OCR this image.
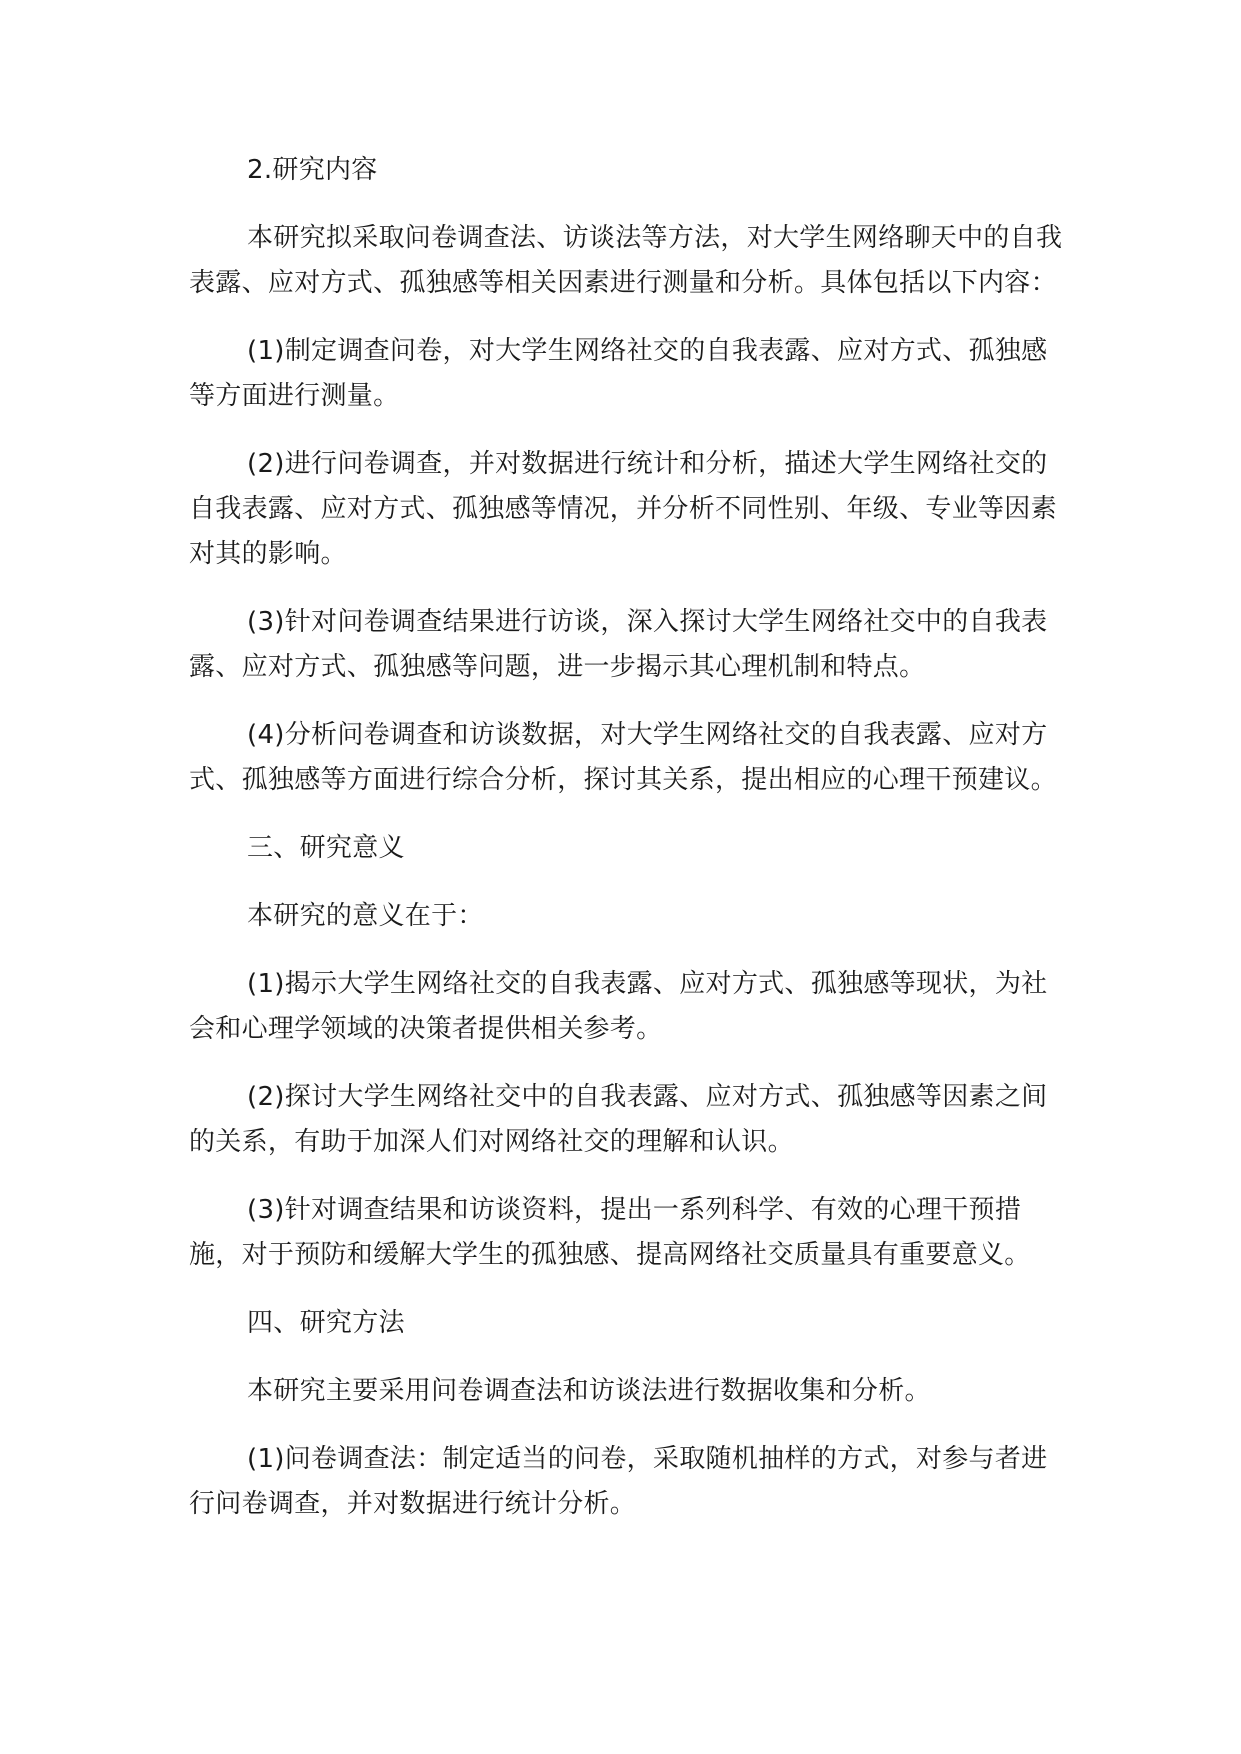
2.研究内容

本研究拟采取问卷调查法、访谈法等方法，对大学生网络聊天中的自我表露、应对方式、孤独感等相关因素进行测量和分析。具体包括以下内容：

(1)制定调查问卷，对大学生网络社交的自我表露、应对方式、孤独感等方面进行测量。

(2)进行问卷调查，并对数据进行统计和分析，描述大学生网络社交的自我表露、应对方式、孤独感等情况，并分析不同性别、年级、专业等因素对其的影响。

(3)针对问卷调查结果进行访谈，深入探讨大学生网络社交中的自我表露、应对方式、孤独感等问题，进一步揭示其心理机制和特点。

(4)分析问卷调查和访谈数据，对大学生网络社交的自我表露、应对方式、孤独感等方面进行综合分析，探讨其关系，提出相应的心理干预建议。

三、研究意义

本研究的意义在于：

(1)揭示大学生网络社交的自我表露、应对方式、孤独感等现状，为社会和心理学领域的决策者提供相关参考。

(2)探讨大学生网络社交中的自我表露、应对方式、孤独感等因素之间的关系，有助于加深人们对网络社交的理解和认识。

(3)针对调查结果和访谈资料，提出一系列科学、有效的心理干预措施，对于预防和缓解大学生的孤独感、提高网络社交质量具有重要意义。

四、研究方法

本研究主要采用问卷调查法和访谈法进行数据收集和分析。

(1)问卷调查法：制定适当的问卷，采取随机抽样的方式，对参与者进行问卷调查，并对数据进行统计分析。
